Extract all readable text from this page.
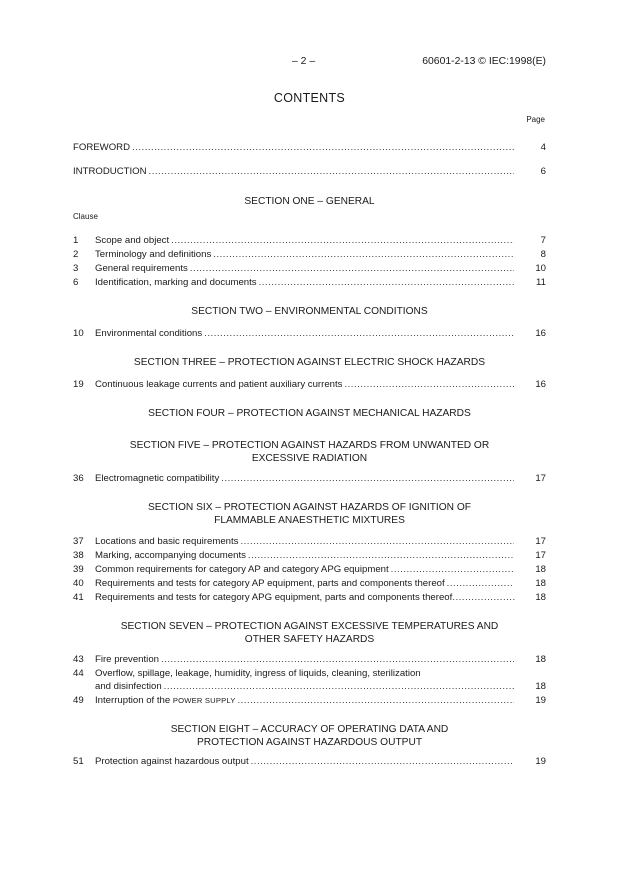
– 2 –	60601-2-13 © IEC:1998(E)
CONTENTS
Page
FOREWORD .....	4
INTRODUCTION .....	6
SECTION ONE – GENERAL
Clause
1	Scope and object .....	7
2	Terminology and definitions .....	8
3	General requirements .....	10
6	Identification, marking and documents .....	11
SECTION TWO – ENVIRONMENTAL CONDITIONS
10	Environmental conditions .....	16
SECTION THREE – PROTECTION AGAINST ELECTRIC SHOCK HAZARDS
19	Continuous leakage currents and patient auxiliary currents .....	16
SECTION FOUR – PROTECTION AGAINST MECHANICAL HAZARDS
SECTION FIVE – PROTECTION AGAINST HAZARDS FROM UNWANTED OR
EXCESSIVE RADIATION
36	Electromagnetic compatibility .....	17
SECTION SIX – PROTECTION AGAINST HAZARDS OF IGNITION OF
FLAMMABLE ANAESTHETIC MIXTURES
37	Locations and basic requirements .....	17
38	Marking, accompanying documents .....	17
39	Common requirements for category AP and category APG equipment .....	18
40	Requirements and tests for category AP equipment, parts and components thereof .....	18
41	Requirements and tests for category APG equipment, parts and components thereof .....	18
SECTION SEVEN – PROTECTION AGAINST EXCESSIVE TEMPERATURES AND
OTHER SAFETY HAZARDS
43	Fire prevention .....	18
44	Overflow, spillage, leakage, humidity, ingress of liquids, cleaning, sterilization
and disinfection .....	18
49	Interruption of the POWER SUPPLY .....	19
SECTION EIGHT – ACCURACY OF OPERATING DATA AND
PROTECTION AGAINST HAZARDOUS OUTPUT
51	Protection against hazardous output .....	19
